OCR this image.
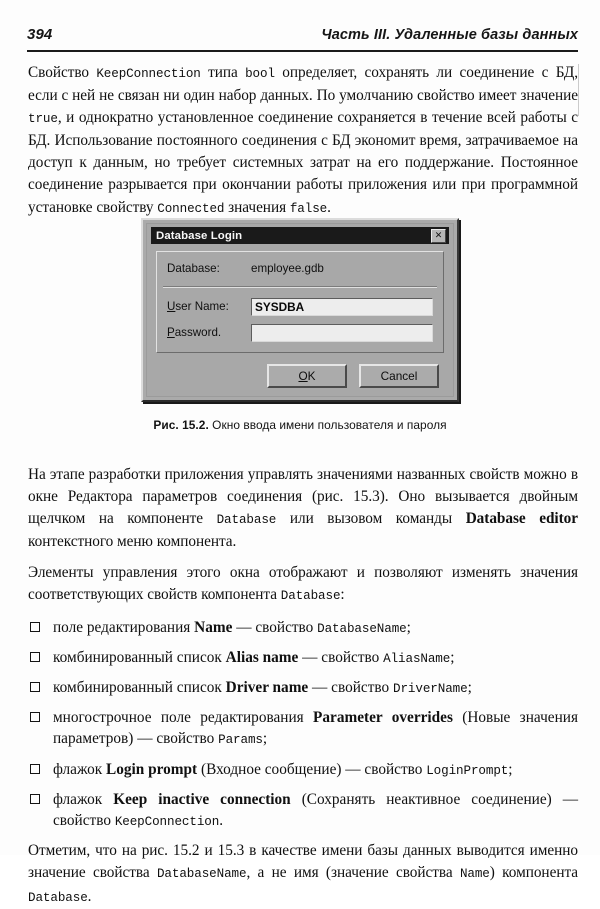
394	Часть III. Удаленные базы данных

Свойство KeepConnection типа bool определяет, сохранять ли соединение с БД, если с ней не связан ни один набор данных. По умолчанию свойство имеет значение true, и однократно установленное соединение сохраняется в течение всей работы с БД. Использование постоянного соединения с БД экономит время, затрачиваемое на доступ к данным, но требует системных затрат на его поддержание. Постоянное соединение разрывается при окончании работы приложения или при программной установке свойству Connected значения false.

Database Login	✕
Database:	employee.gdb
User Name:	SYSDBA
Password.
O K	Cancel
Рис. 15.2. Окно ввода имени пользователя и пароля

На этапе разработки приложения управлять значениями названных свойств можно в окне Редактора параметров соединения (рис. 15.3). Оно вызывается двойным щелчком на компоненте Database или вызовом команды Database editor контекстного меню компонента.

Элементы управления этого окна отображают и позволяют изменять значения соответствующих свойств компонента Database:

поле редактирования Name — свойство DatabaseName;
комбинированный список Alias name — свойство AliasName;
комбинированный список Driver name — свойство DriverName;
многострочное поле редактирования Parameter overrides (Новые значения параметров) — свойство Params;
флажок Login prompt (Входное сообщение) — свойство LoginPrompt;
флажок Keep inactive connection (Сохранять неактивное соединение) — свойство KeepConnection.

Отметим, что на рис. 15.2 и 15.3 в качестве имени базы данных выводится именно значение свойства DatabaseName, а не имя (значение свойства Name) компонента Database.
